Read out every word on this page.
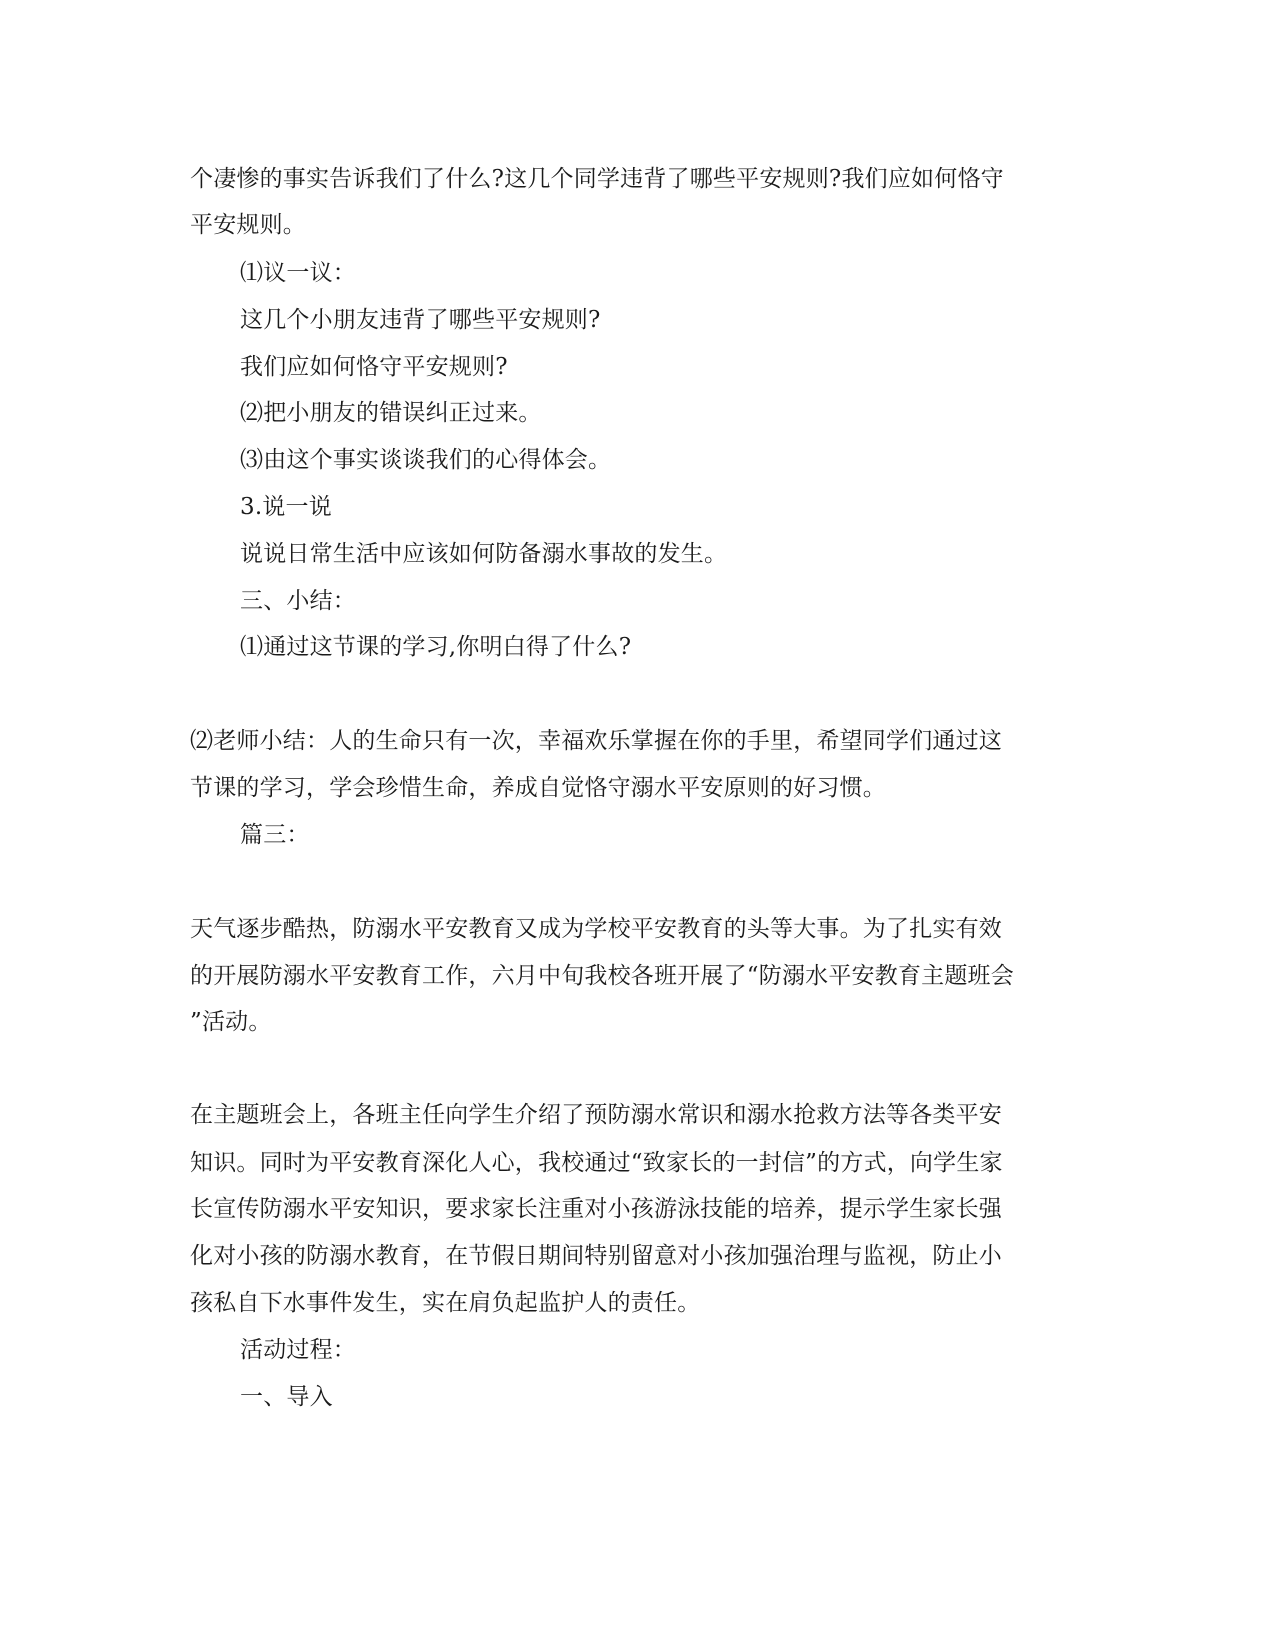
个凄惨的事实告诉我们了什么?这几个同学违背了哪些平安规则?我们应如何恪守
平安规则。
⑴议一议：
这几个小朋友违背了哪些平安规则?
我们应如何恪守平安规则?
⑵把小朋友的错误纠正过来。
⑶由这个事实谈谈我们的心得体会。
3.说一说
说说日常生活中应该如何防备溺水事故的发生。
三、小结：
⑴通过这节课的学习,你明白得了什么?
⑵老师小结：人的生命只有一次，幸福欢乐掌握在你的手里，希望同学们通过这
节课的学习，学会珍惜生命，养成自觉恪守溺水平安原则的好习惯。
篇三：
天气逐步酷热，防溺水平安教育又成为学校平安教育的头等大事。为了扎实有效
的开展防溺水平安教育工作，六月中旬我校各班开展了“防溺水平安教育主题班会
”活动。
在主题班会上，各班主任向学生介绍了预防溺水常识和溺水抢救方法等各类平安
知识。同时为平安教育深化人心，我校通过“致家长的一封信”的方式，向学生家
长宣传防溺水平安知识，要求家长注重对小孩游泳技能的培养，提示学生家长强
化对小孩的防溺水教育，在节假日期间特别留意对小孩加强治理与监视，防止小
孩私自下水事件发生，实在肩负起监护人的责任。
活动过程：
一、导入
